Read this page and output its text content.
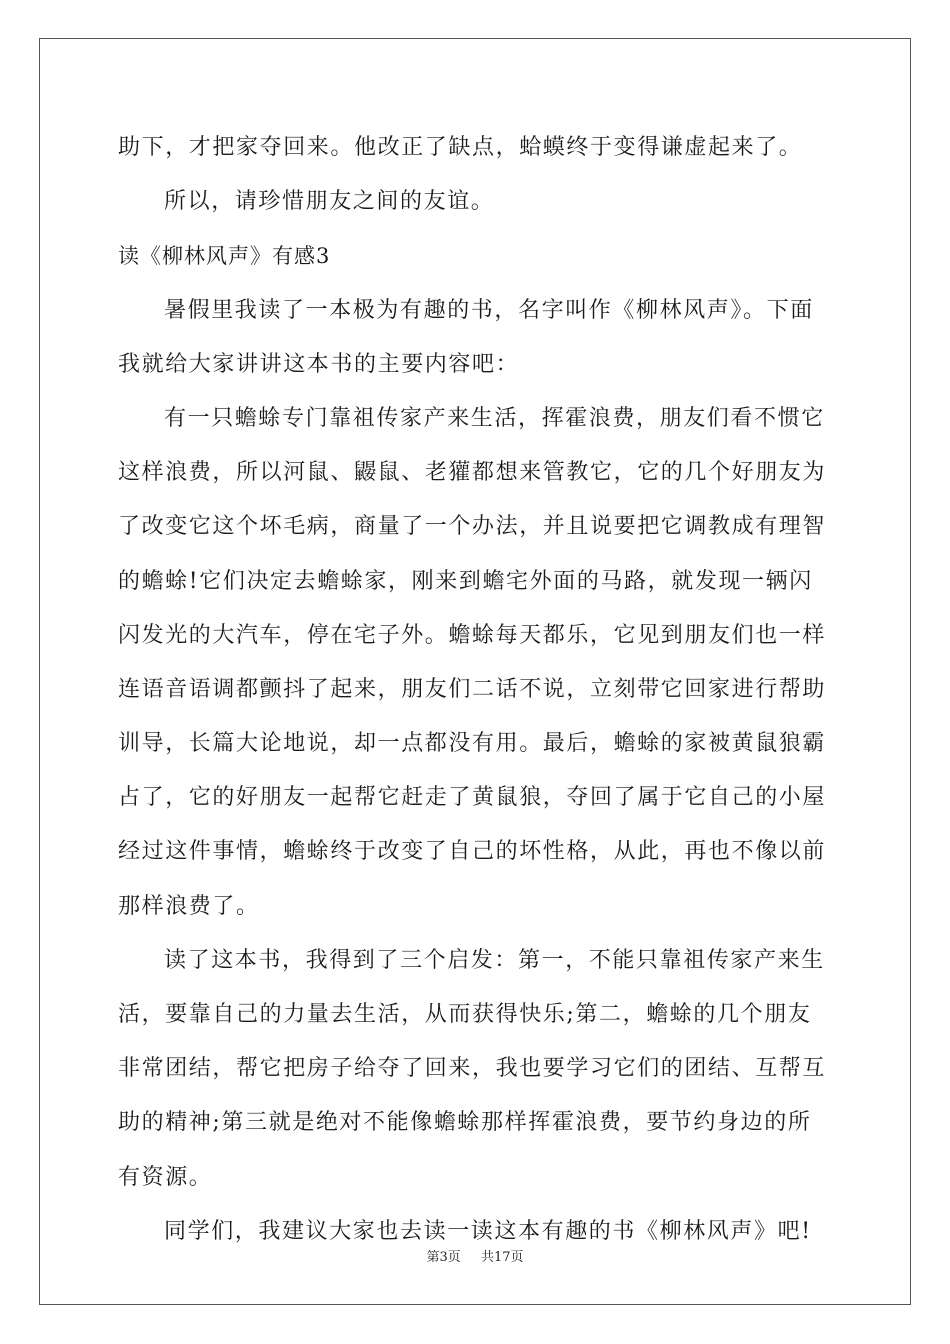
助下，才把家夺回来。他改正了缺点，蛤蟆终于变得谦虚起来了。
所以，请珍惜朋友之间的友谊。
读《柳林风声》有感3
暑假里我读了一本极为有趣的书，名字叫作《柳林风声》。下面
我就给大家讲讲这本书的主要内容吧：
有一只蟾蜍专门靠祖传家产来生活，挥霍浪费，朋友们看不惯它
这样浪费，所以河鼠、鼹鼠、老獾都想来管教它，它的几个好朋友为
了改变它这个坏毛病，商量了一个办法，并且说要把它调教成有理智
的蟾蜍!它们决定去蟾蜍家，刚来到蟾宅外面的马路，就发现一辆闪
闪发光的大汽车，停在宅子外。蟾蜍每天都乐，它见到朋友们也一样
连语音语调都颤抖了起来，朋友们二话不说，立刻带它回家进行帮助
训导，长篇大论地说，却一点都没有用。最后，蟾蜍的家被黄鼠狼霸
占了，它的好朋友一起帮它赶走了黄鼠狼，夺回了属于它自己的小屋
经过这件事情，蟾蜍终于改变了自己的坏性格，从此，再也不像以前
那样浪费了。
读了这本书，我得到了三个启发：第一，不能只靠祖传家产来生
活，要靠自己的力量去生活，从而获得快乐;第二，蟾蜍的几个朋友
非常团结，帮它把房子给夺了回来，我也要学习它们的团结、互帮互
助的精神;第三就是绝对不能像蟾蜍那样挥霍浪费，要节约身边的所
有资源。
同学们，我建议大家也去读一读这本有趣的书《柳林风声》吧!
第3页 共17页
